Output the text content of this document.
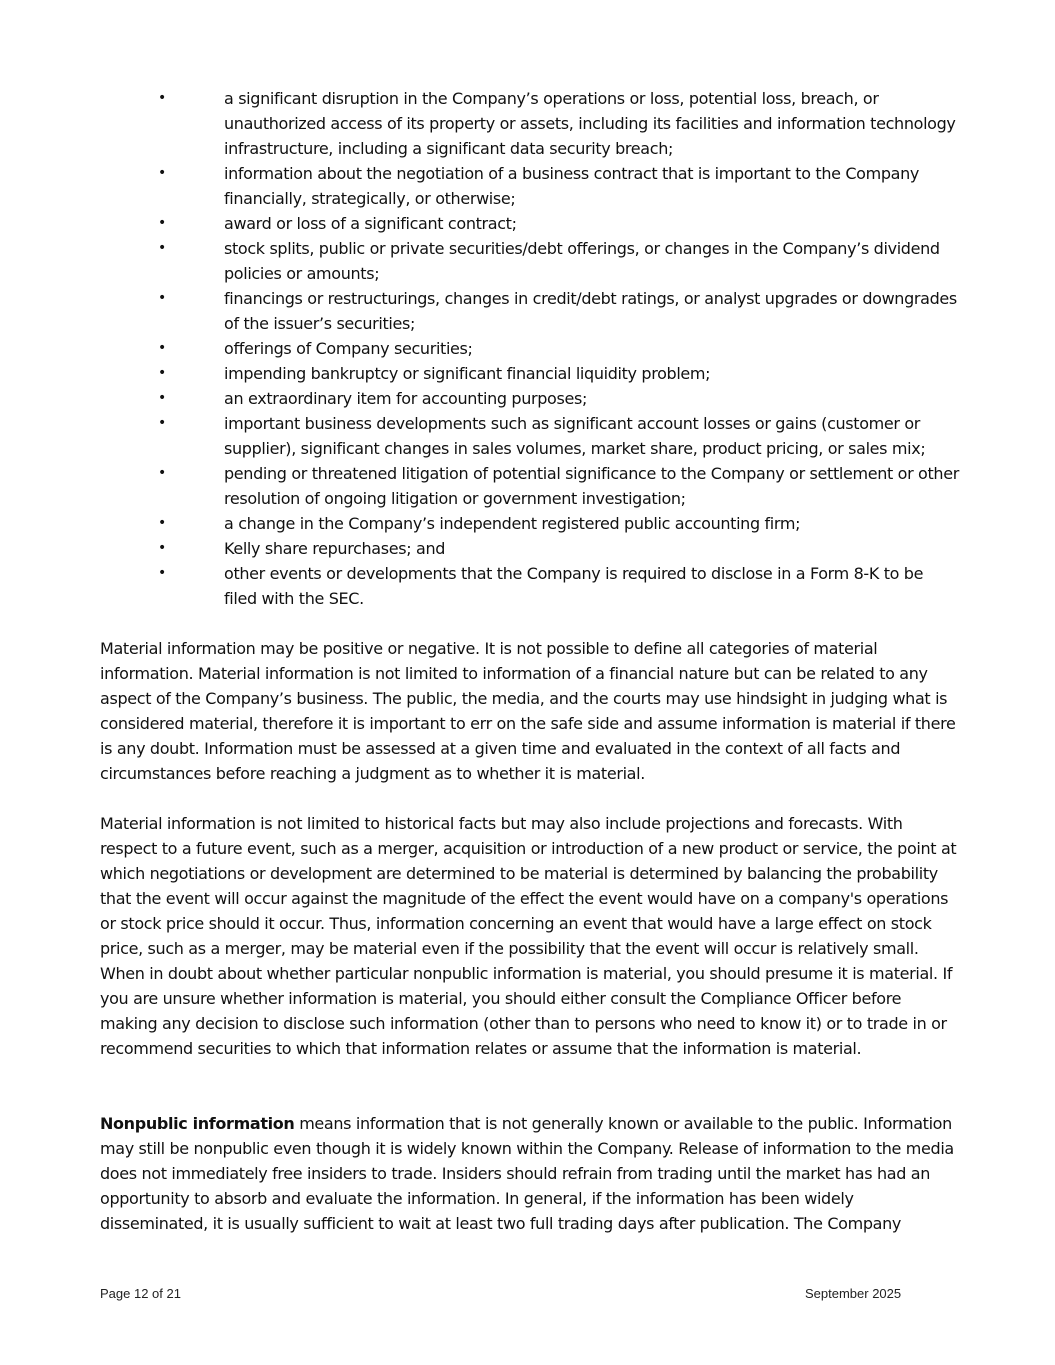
•	a significant disruption in the Company’s operations or loss, potential loss, breach, or unauthorized access of its property or assets, including its facilities and information technology infrastructure, including a significant data security breach;
•	information about the negotiation of a business contract that is important to the Company financially, strategically, or otherwise;
•	award or loss of a significant contract;
•	stock splits, public or private securities/debt offerings, or changes in the Company’s dividend policies or amounts;
•	financings or restructurings, changes in credit/debt ratings, or analyst upgrades or downgrades of the issuer’s securities;
•	offerings of Company securities;
•	impending bankruptcy or significant financial liquidity problem;
•	an extraordinary item for accounting purposes;
•	important business developments such as significant account losses or gains (customer or supplier), significant changes in sales volumes, market share, product pricing, or sales mix;
•	pending or threatened litigation of potential significance to the Company or settlement or other resolution of ongoing litigation or government investigation;
•	a change in the Company’s independent registered public accounting firm;
•	Kelly share repurchases; and
•	other events or developments that the Company is required to disclose in a Form 8-K to be filed with the SEC.

Material information may be positive or negative. It is not possible to define all categories of material information. Material information is not limited to information of a financial nature but can be related to any aspect of the Company’s business. The public, the media, and the courts may use hindsight in judging what is considered material, therefore it is important to err on the safe side and assume information is material if there is any doubt. Information must be assessed at a given time and evaluated in the context of all facts and circumstances before reaching a judgment as to whether it is material.

Material information is not limited to historical facts but may also include projections and forecasts. With respect to a future event, such as a merger, acquisition or introduction of a new product or service, the point at which negotiations or development are determined to be material is determined by balancing the probability that the event will occur against the magnitude of the effect the event would have on a company's operations or stock price should it occur. Thus, information concerning an event that would have a large effect on stock price, such as a merger, may be material even if the possibility that the event will occur is relatively small. When in doubt about whether particular nonpublic information is material, you should presume it is material. If you are unsure whether information is material, you should either consult the Compliance Officer before making any decision to disclose such information (other than to persons who need to know it) or to trade in or recommend securities to which that information relates or assume that the information is material.

Nonpublic information means information that is not generally known or available to the public. Information may still be nonpublic even though it is widely known within the Company. Release of information to the media does not immediately free insiders to trade. Insiders should refrain from trading until the market has had an opportunity to absorb and evaluate the information. In general, if the information has been widely disseminated, it is usually sufficient to wait at least two full trading days after publication. The Company

Page 12 of 21	September 2025
